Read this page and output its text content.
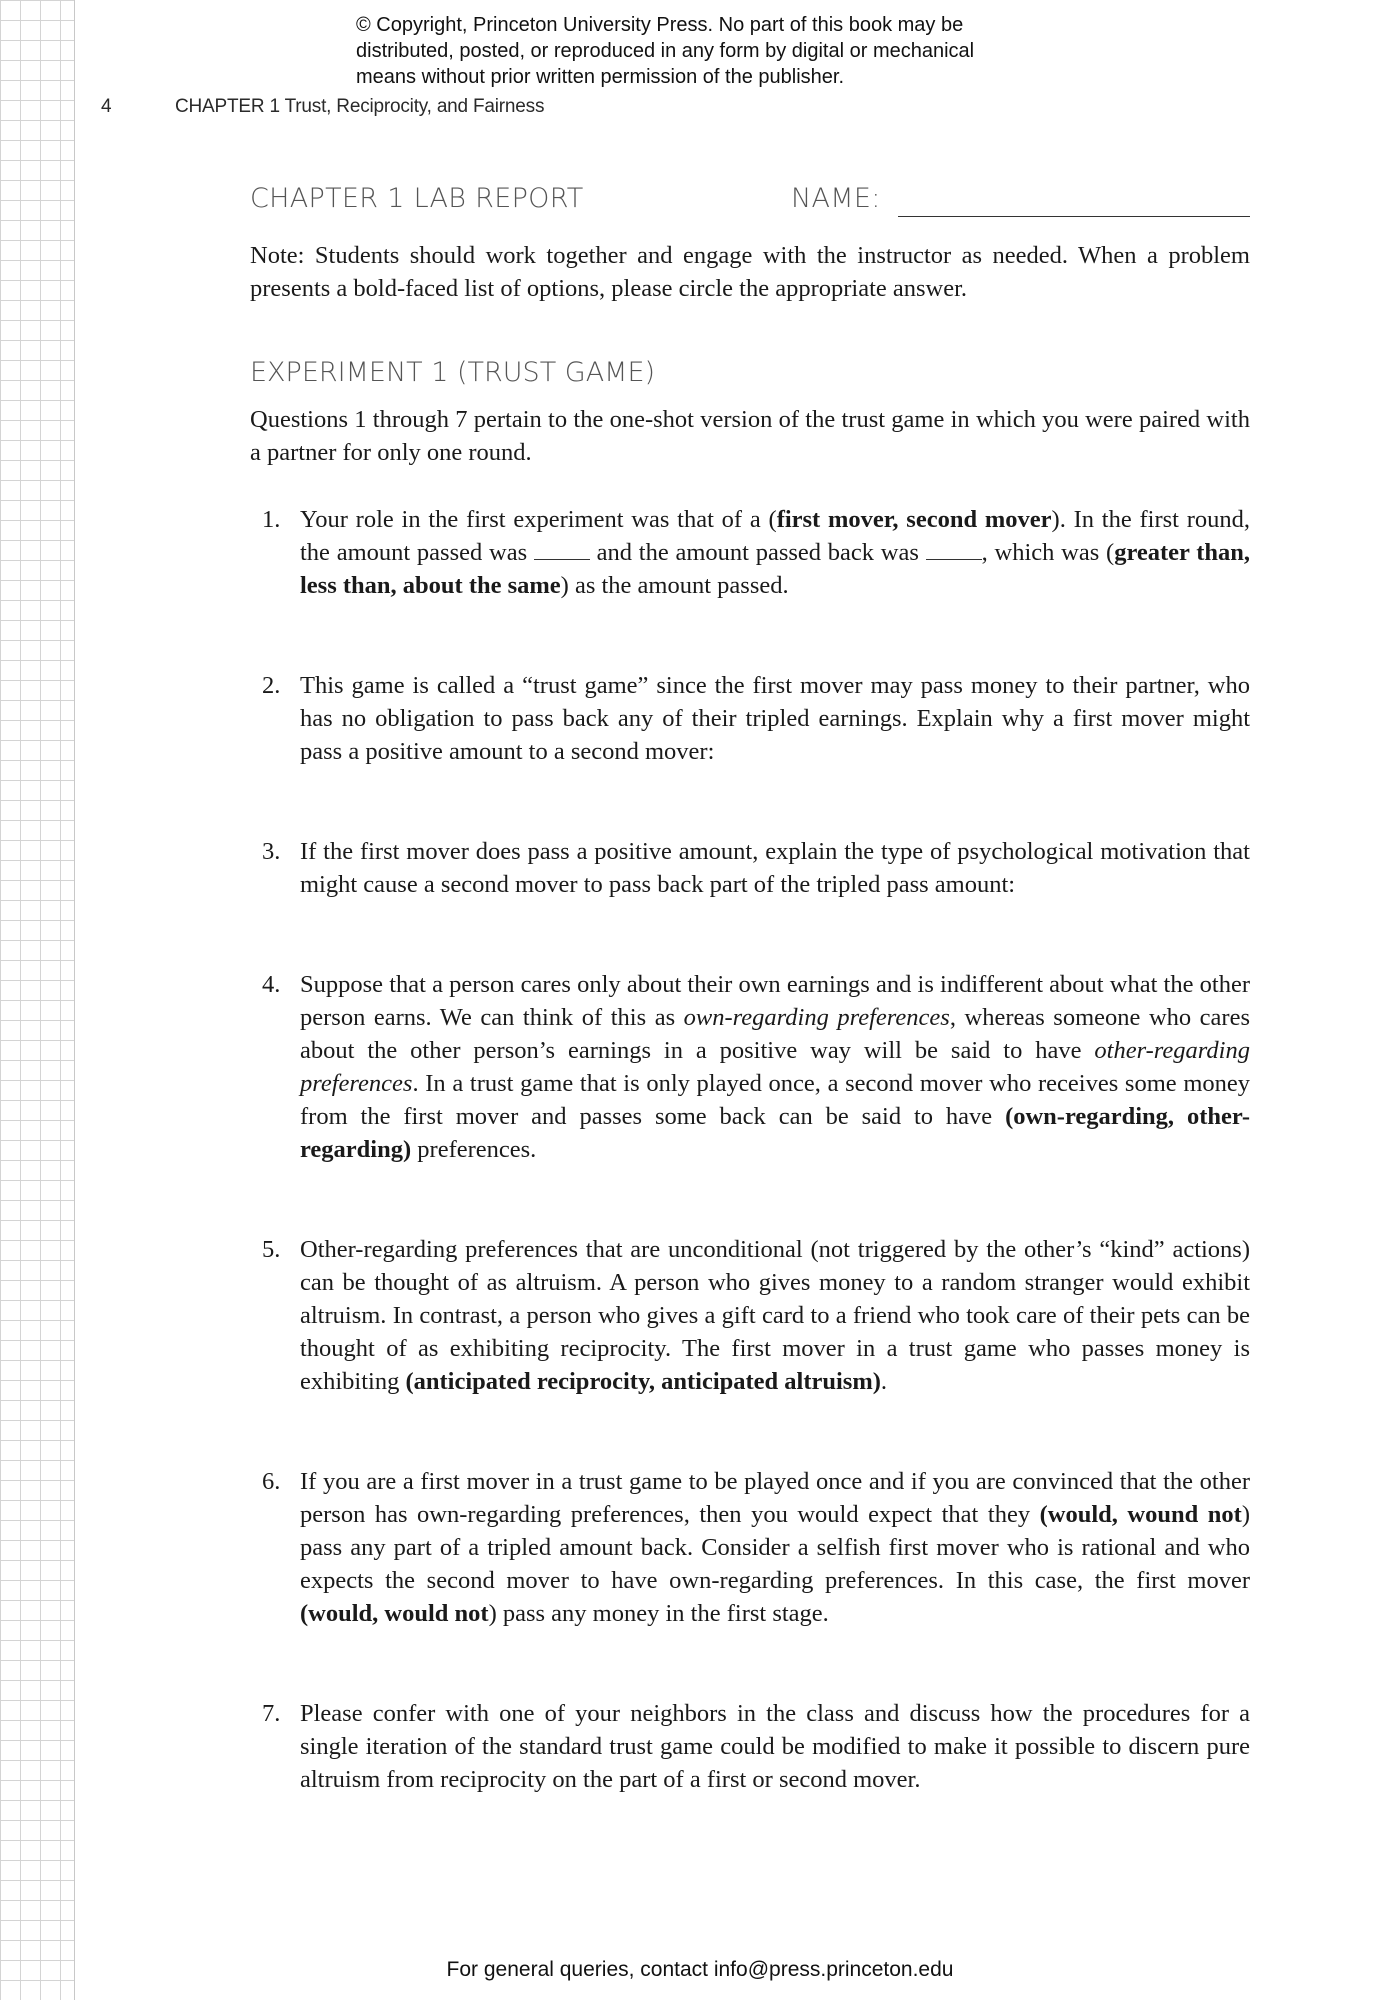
© Copyright, Princeton University Press. No part of this book may be
distributed, posted, or reproduced in any form by digital or mechanical
means without prior written permission of the publisher.
4	CHAPTER 1 Trust, Reciprocity, and Fairness
CHAPTER 1 LAB REPORT	NAME:

Note: Students should work together and engage with the instructor as needed. When a problem presents a bold-faced list of options, please circle the appropriate answer.

EXPERIMENT 1 (TRUST GAME)

Questions 1 through 7 pertain to the one-shot version of the trust game in which you were paired with a partner for only one round.

1. Your role in the first experiment was that of a (first mover, second mover). In the first round, the amount passed was  and the amount passed back was , which was (greater than, less than, about the same) as the amount passed.
2. This game is called a “trust game” since the first mover may pass money to their partner, who has no obligation to pass back any of their tripled earnings. Explain why a first mover might pass a positive amount to a second mover:
3. If the first mover does pass a positive amount, explain the type of psychological motivation that might cause a second mover to pass back part of the tripled pass amount:
4. Suppose that a person cares only about their own earnings and is indifferent about what the other person earns. We can think of this as own-regarding preferences, whereas someone who cares about the other person’s earnings in a positive way will be said to have other-regarding preferences. In a trust game that is only played once, a second mover who receives some money from the first mover and passes some back can be said to have (own-regarding, other-regarding) preferences.
5. Other-regarding preferences that are unconditional (not triggered by the other’s “kind” actions) can be thought of as altruism. A person who gives money to a random stranger would exhibit altruism. In contrast, a person who gives a gift card to a friend who took care of their pets can be thought of as exhibiting reciprocity. The first mover in a trust game who passes money is exhibiting (anticipated reciprocity, anticipated altruism).
6. If you are a first mover in a trust game to be played once and if you are convinced that the other person has own-regarding preferences, then you would expect that they (would, wound not) pass any part of a tripled amount back. Consider a selfish first mover who is rational and who expects the second mover to have own-regarding preferences. In this case, the first mover (would, would not) pass any money in the first stage.
7. Please confer with one of your neighbors in the class and discuss how the procedures for a single iteration of the standard trust game could be modified to make it possible to discern pure altruism from reciprocity on the part of a first or second mover.
For general queries, contact info@press.princeton.edu
